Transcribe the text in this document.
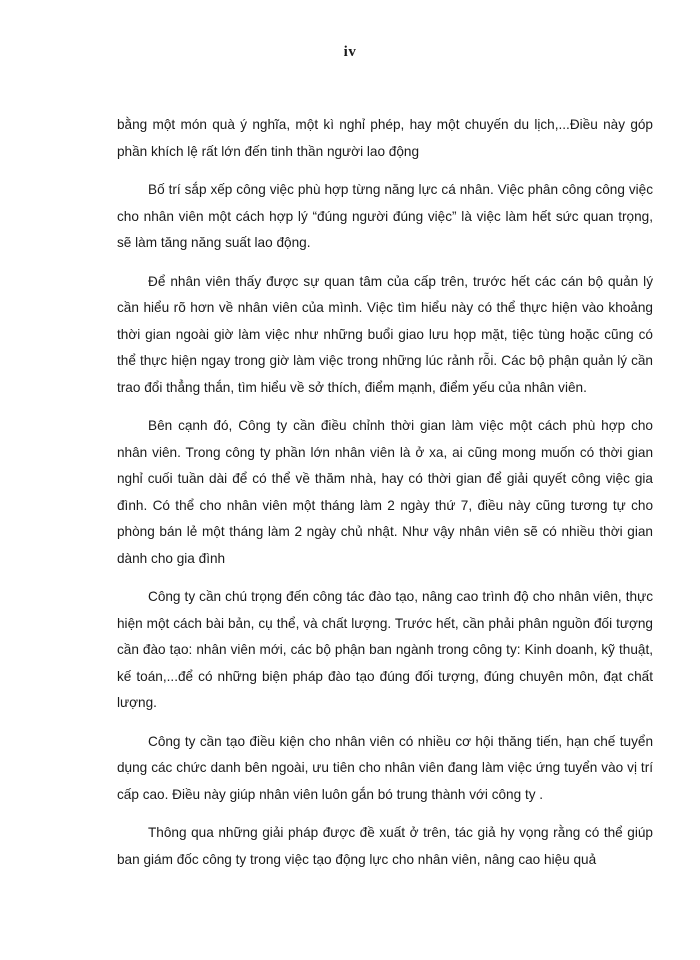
iv

bằng một món quà ý nghĩa, một kì nghỉ phép, hay một chuyến du lịch,...Điều này góp phần khích lệ rất lớn đến tinh thần người lao động

Bố trí sắp xếp công việc phù hợp từng năng lực cá nhân. Việc phân công công việc cho nhân viên một cách hợp lý “đúng người đúng việc” là việc làm hết sức quan trọng, sẽ làm tăng năng suất lao động.

Để nhân viên thấy được sự quan tâm của cấp trên, trước hết các cán bộ quản lý cần hiểu rõ hơn về nhân viên của mình. Việc tìm hiểu này có thể thực hiện vào khoảng thời gian ngoài giờ làm việc như những buổi giao lưu họp mặt, tiệc tùng hoặc cũng có thể thực hiện ngay trong giờ làm việc trong những lúc rảnh rỗi. Các bộ phận quản lý cần trao đổi thẳng thắn, tìm hiểu về sở thích, điểm mạnh, điểm yếu của nhân viên.

Bên cạnh đó, Công ty cần điều chỉnh thời gian làm việc một cách phù hợp cho nhân viên. Trong công ty phần lớn nhân viên là ở xa, ai cũng mong muốn có thời gian nghỉ cuối tuần dài để có thể về thăm nhà, hay có thời gian để giải quyết công việc gia đình. Có thể cho nhân viên một tháng làm 2 ngày thứ 7, điều này cũng tương tự cho phòng bán lẻ một tháng làm 2 ngày chủ nhật. Như vậy nhân viên sẽ có nhiều thời gian dành cho gia đình

Công ty cần chú trọng đến công tác đào tạo, nâng cao trình độ cho nhân viên, thực hiện một cách bài bản, cụ thể, và chất lượng. Trước hết, cần phải phân nguồn đối tượng cần đào tạo: nhân viên mới, các bộ phận ban ngành trong công ty: Kinh doanh, kỹ thuật, kế toán,...để có những biện pháp đào tạo đúng đối tượng, đúng chuyên môn, đạt chất lượng.

Công ty cần tạo điều kiện cho nhân viên có nhiều cơ hội thăng tiến, hạn chế tuyển dụng các chức danh bên ngoài, ưu tiên cho nhân viên đang làm việc ứng tuyển vào vị trí cấp cao. Điều này giúp nhân viên luôn gắn bó trung thành với công ty .

Thông qua những giải pháp được đề xuất ở trên, tác giả hy vọng rằng có thể giúp ban giám đốc công ty trong việc tạo động lực cho nhân viên, nâng cao hiệu quả
